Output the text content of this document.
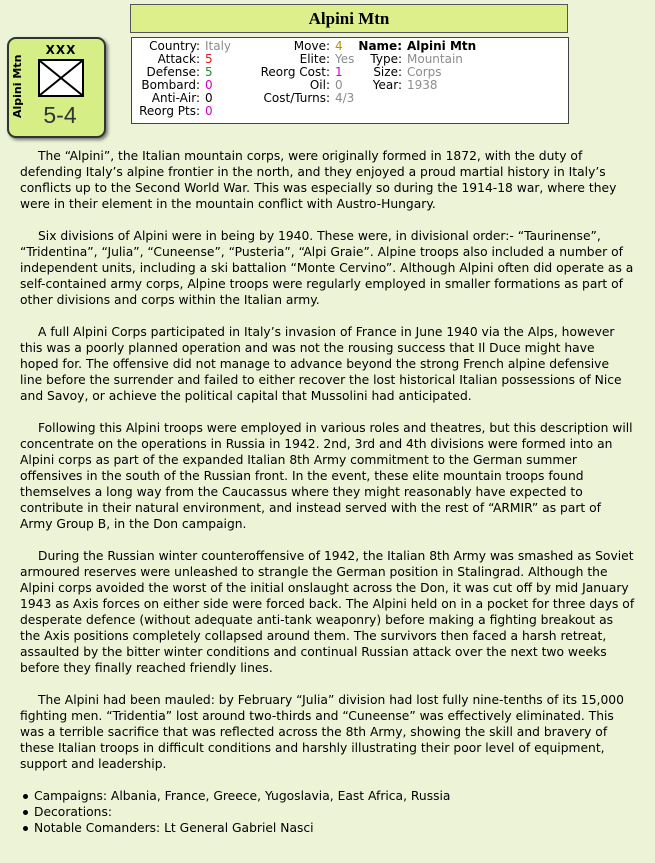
Alpini Mtn
Alpini Mtn
XXX
5-4
Country: Italy
Attack: 5
Defense: 5
Bombard: 0
Anti-Air: 0
Reorg Pts: 0
Move: 4
Elite: Yes
Reorg Cost: 1
Oil: 0
Cost/Turns: 4/3
Name: Alpini Mtn
Type: Mountain
Size: Corps
Year: 1938

The “Alpini”, the Italian mountain corps, were originally formed in 1872, with the duty of defending Italy’s alpine frontier in the north, and they enjoyed a proud martial history in Italy’s conflicts up to the Second World War. This was especially so during the 1914-18 war, where they were in their element in the mountain conflict with Austro-Hungary.

Six divisions of Alpini were in being by 1940. These were, in divisional order:- “Taurinense”, “Tridentina”, “Julia”, “Cuneense”, “Pusteria”, “Alpi Graie”. Alpine troops also included a number of independent units, including a ski battalion “Monte Cervino”. Although Alpini often did operate as a self-contained army corps, Alpine troops were regularly employed in smaller formations as part of other divisions and corps within the Italian army.

A full Alpini Corps participated in Italy’s invasion of France in June 1940 via the Alps, however this was a poorly planned operation and was not the rousing success that Il Duce might have hoped for. The offensive did not manage to advance beyond the strong French alpine defensive line before the surrender and failed to either recover the lost historical Italian possessions of Nice and Savoy, or achieve the political capital that Mussolini had anticipated.

Following this Alpini troops were employed in various roles and theatres, but this description will concentrate on the operations in Russia in 1942. 2nd, 3rd and 4th divisions were formed into an Alpini corps as part of the expanded Italian 8th Army commitment to the German summer offensives in the south of the Russian front. In the event, these elite mountain troops found themselves a long way from the Caucassus where they might reasonably have expected to contribute in their natural environment, and instead served with the rest of “ARMIR” as part of Army Group B, in the Don campaign.

During the Russian winter counteroffensive of 1942, the Italian 8th Army was smashed as Soviet armoured reserves were unleashed to strangle the German position in Stalingrad. Although the Alpini corps avoided the worst of the initial onslaught across the Don, it was cut off by mid January 1943 as Axis forces on either side were forced back. The Alpini held on in a pocket for three days of desperate defence (without adequate anti-tank weaponry) before making a fighting breakout as the Axis positions completely collapsed around them. The survivors then faced a harsh retreat, assaulted by the bitter winter conditions and continual Russian attack over the next two weeks before they finally reached friendly lines.

The Alpini had been mauled: by February “Julia” division had lost fully nine-tenths of its 15,000 fighting men. “Tridentia” lost around two-thirds and “Cuneense” was effectively eliminated. This was a terrible sacrifice that was reflected across the 8th Army, showing the skill and bravery of these Italian troops in difficult conditions and harshly illustrating their poor level of equipment, support and leadership.

Campaigns: Albania, France, Greece, Yugoslavia, East Africa, Russia
Decorations:
Notable Comanders: Lt General Gabriel Nasci
